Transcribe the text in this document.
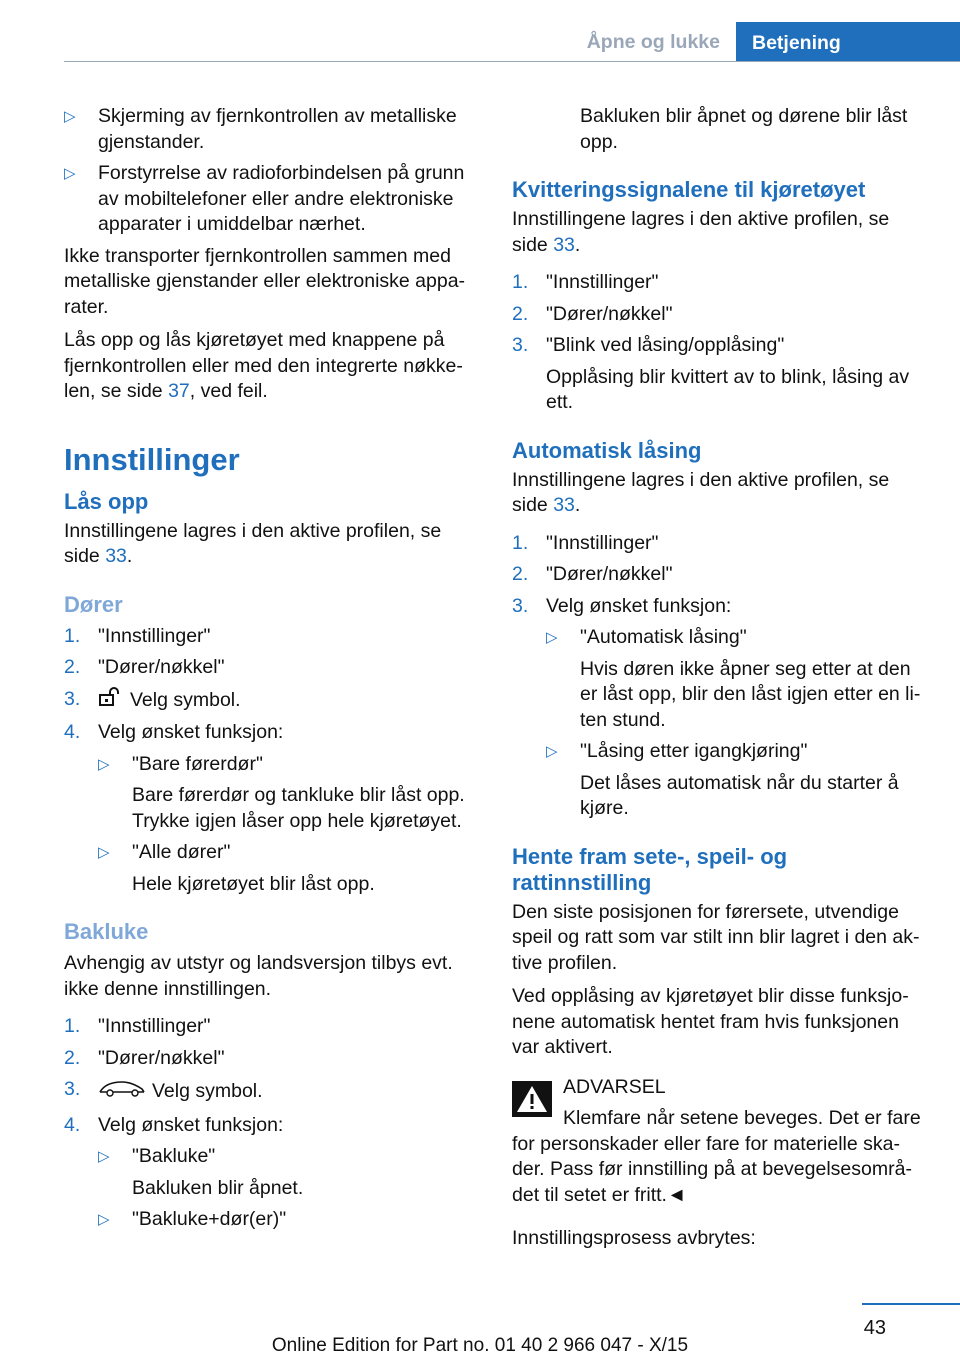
Åpne og lukke	Betjening
▷ Skjerming av fjernkontrollen av metalliske gjenstander.
▷ Forstyrrelse av radioforbindelsen på grunn av mobiltelefoner eller andre elektroniske apparater i umiddelbar nærhet.

Ikke transporter fjernkontrollen sammen med metalliske gjenstander eller elektroniske appa-rater.

Lås opp og lås kjøretøyet med knappene på fjernkontrollen eller med den integrerte nøkke-len, se side 37, ved feil.

Innstillinger
Lås opp

Innstillingene lagres i den aktive profilen, se side 33.

Dører
1. "Innstillinger"
2. "Dører/nøkkel"
3.	Velg symbol.
4. Velg ønsket funksjon:
▷ "Bare førerdør"
Bare førerdør og tankluke blir låst opp. Trykke igjen låser opp hele kjøretøyet.
▷ "Alle dører"
Hele kjøretøyet blir låst opp.
Bakluke

Avhengig av utstyr og landsversjon tilbys evt. ikke denne innstillingen.

1. "Innstillinger"
2. "Dører/nøkkel"
3.	Velg symbol.
4. Velg ønsket funksjon:
▷ "Bakluke"
Bakluken blir åpnet.
▷ "Bakluke+dør(er)"

Bakluken blir åpnet og dørene blir låst opp.

Kvitteringssignalene til kjøretøyet

Innstillingene lagres i den aktive profilen, se side 33.

1. "Innstillinger"
2. "Dører/nøkkel"
3. "Blink ved låsing/opplåsing"
Opplåsing blir kvittert av to blink, låsing av ett.
Automatisk låsing

Innstillingene lagres i den aktive profilen, se side 33.

1. "Innstillinger"
2. "Dører/nøkkel"
3. Velg ønsket funksjon:
▷ "Automatisk låsing"
Hvis døren ikke åpner seg etter at den er låst opp, blir den låst igjen etter en li-ten stund.
▷ "Låsing etter igangkjøring"
Det låses automatisk når du starter å kjøre.
Hente fram sete-, speil- og rattinnstilling

Den siste posisjonen for førersete, utvendige speil og ratt som var stilt inn blir lagret i den ak-tive profilen.

Ved opplåsing av kjøretøyet blir disse funksjo-nene automatisk hentet fram hvis funksjonen var aktivert.

ADVARSEL
Klemfare når setene beveges. Det er fare for personskader eller fare for materielle ska-der. Pass før innstilling på at bevegelsesområ-det til setet er fritt.◄

Innstillingsprosess avbrytes:

43
Online Edition for Part no. 01 40 2 966 047 - X/15
